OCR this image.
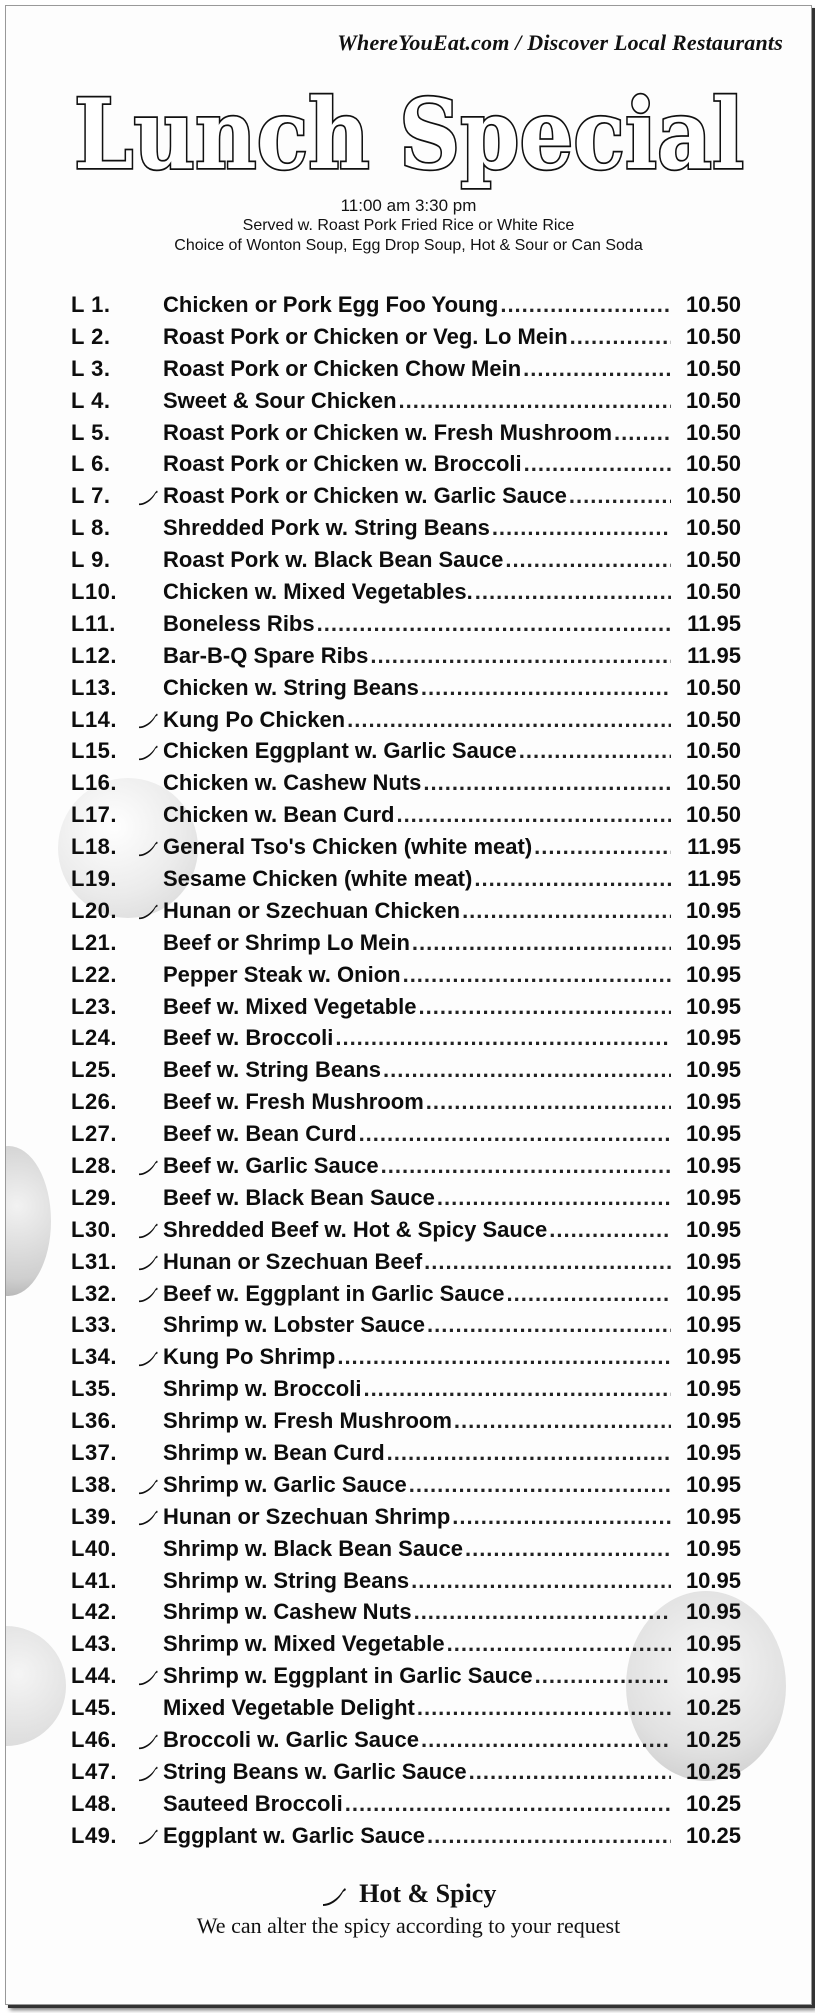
WhereYouEat.com / Discover Local Restaurants
Lunch Special
11:00 am 3:30 pm
Served w. Roast Pork Fried Rice or White Rice
Choice of Wonton Soup, Egg Drop Soup, Hot & Sour or Can Soda
L 1.	Chicken or Pork Egg Foo Young .....	10.50
L 2.	Roast Pork or Chicken or Veg. Lo Mein .....	10.50
L 3.	Roast Pork or Chicken Chow Mein .....	10.50
L 4.	Sweet & Sour Chicken .....	10.50
L 5.	Roast Pork or Chicken w. Fresh Mushroom .....	10.50
L 6.	Roast Pork or Chicken w. Broccoli .....	10.50
L 7.	Roast Pork or Chicken w. Garlic Sauce .....	10.50
L 8.	Shredded Pork w. String Beans .....	10.50
L 9.	Roast Pork w. Black Bean Sauce .....	10.50
L10.	Chicken w. Mixed Vegetables. .....	10.50
L11.	Boneless Ribs .....	11.95
L12.	Bar-B-Q Spare Ribs .....	11.95
L13.	Chicken w. String Beans .....	10.50
L14.	Kung Po Chicken .....	10.50
L15.	Chicken Eggplant w. Garlic Sauce .....	10.50
L16.	Chicken w. Cashew Nuts .....	10.50
L17.	Chicken w. Bean Curd .....	10.50
L18.	General Tso's Chicken (white meat) .....	11.95
L19.	Sesame Chicken (white meat) .....	11.95
L20.	Hunan or Szechuan Chicken .....	10.95
L21.	Beef or Shrimp Lo Mein .....	10.95
L22.	Pepper Steak w. Onion .....	10.95
L23.	Beef w. Mixed Vegetable .....	10.95
L24.	Beef w. Broccoli .....	10.95
L25.	Beef w. String Beans .....	10.95
L26.	Beef w. Fresh Mushroom .....	10.95
L27.	Beef w. Bean Curd .....	10.95
L28.	Beef w. Garlic Sauce .....	10.95
L29.	Beef w. Black Bean Sauce .....	10.95
L30.	Shredded Beef w. Hot & Spicy Sauce .....	10.95
L31.	Hunan or Szechuan Beef .....	10.95
L32.	Beef w. Eggplant in Garlic Sauce .....	10.95
L33.	Shrimp w. Lobster Sauce .....	10.95
L34.	Kung Po Shrimp .....	10.95
L35.	Shrimp w. Broccoli .....	10.95
L36.	Shrimp w. Fresh Mushroom .....	10.95
L37.	Shrimp w. Bean Curd .....	10.95
L38.	Shrimp w. Garlic Sauce .....	10.95
L39.	Hunan or Szechuan Shrimp .....	10.95
L40.	Shrimp w. Black Bean Sauce .....	10.95
L41.	Shrimp w. String Beans .....	10.95
L42.	Shrimp w. Cashew Nuts .....	10.95
L43.	Shrimp w. Mixed Vegetable .....	10.95
L44.	Shrimp w. Eggplant in Garlic Sauce .....	10.95
L45.	Mixed Vegetable Delight .....	10.25
L46.	Broccoli w. Garlic Sauce .....	10.25
L47.	String Beans w. Garlic Sauce .....	10.25
L48.	Sauteed Broccoli .....	10.25
L49.	Eggplant w. Garlic Sauce .....	10.25
Hot & Spicy
We can alter the spicy according to your request
